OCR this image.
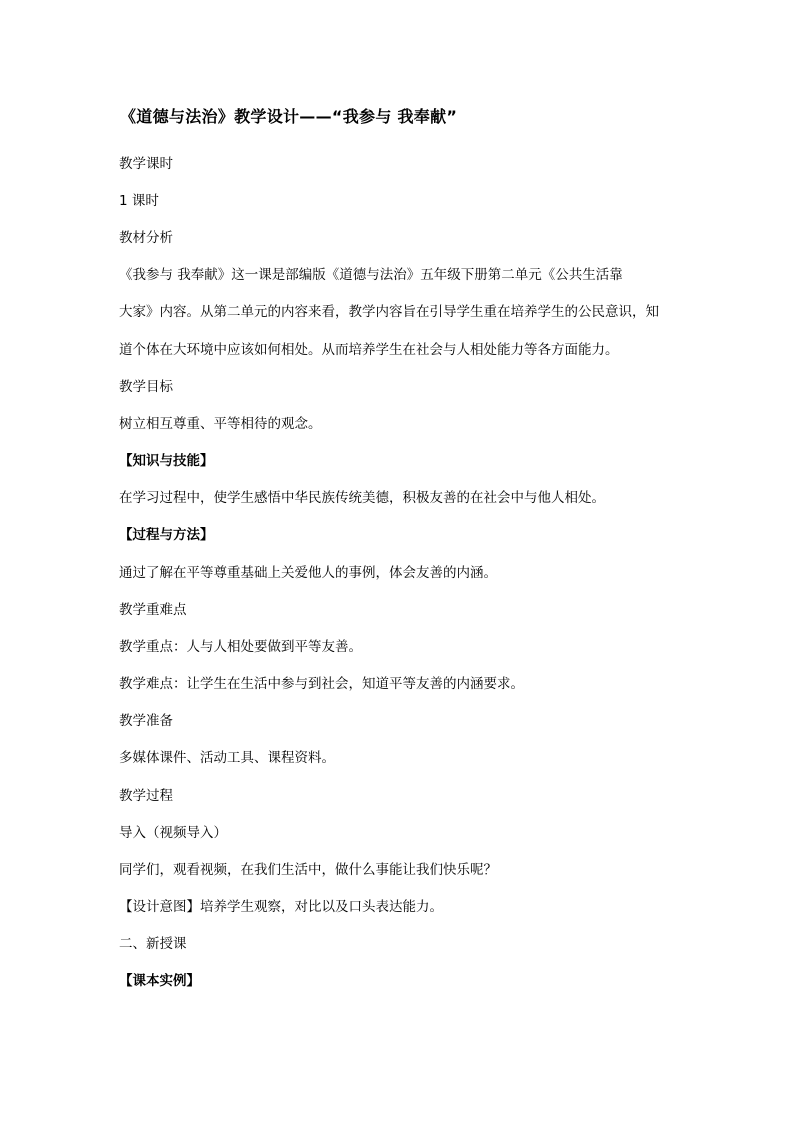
《道德与法治》教学设计——“我参与 我奉献”
教学课时
1 课时
教材分析
《我参与 我奉献》这一课是部编版《道德与法治》五年级下册第二单元《公共生活靠
大家》内容。从第二单元的内容来看，教学内容旨在引导学生重在培养学生的公民意识，知
道个体在大环境中应该如何相处。从而培养学生在社会与人相处能力等各方面能力。
教学目标
树立相互尊重、平等相待的观念。
【知识与技能】
在学习过程中，使学生感悟中华民族传统美德，积极友善的在社会中与他人相处。
【过程与方法】
通过了解在平等尊重基础上关爱他人的事例，体会友善的内涵。
教学重难点
教学重点：人与人相处要做到平等友善。
教学难点：让学生在生活中参与到社会，知道平等友善的内涵要求。
教学准备
多媒体课件、活动工具、课程资料。
教学过程
导入（视频导入）
同学们，观看视频，在我们生活中，做什么事能让我们快乐呢？
【设计意图】培养学生观察，对比以及口头表达能力。
二、新授课
【课本实例】
